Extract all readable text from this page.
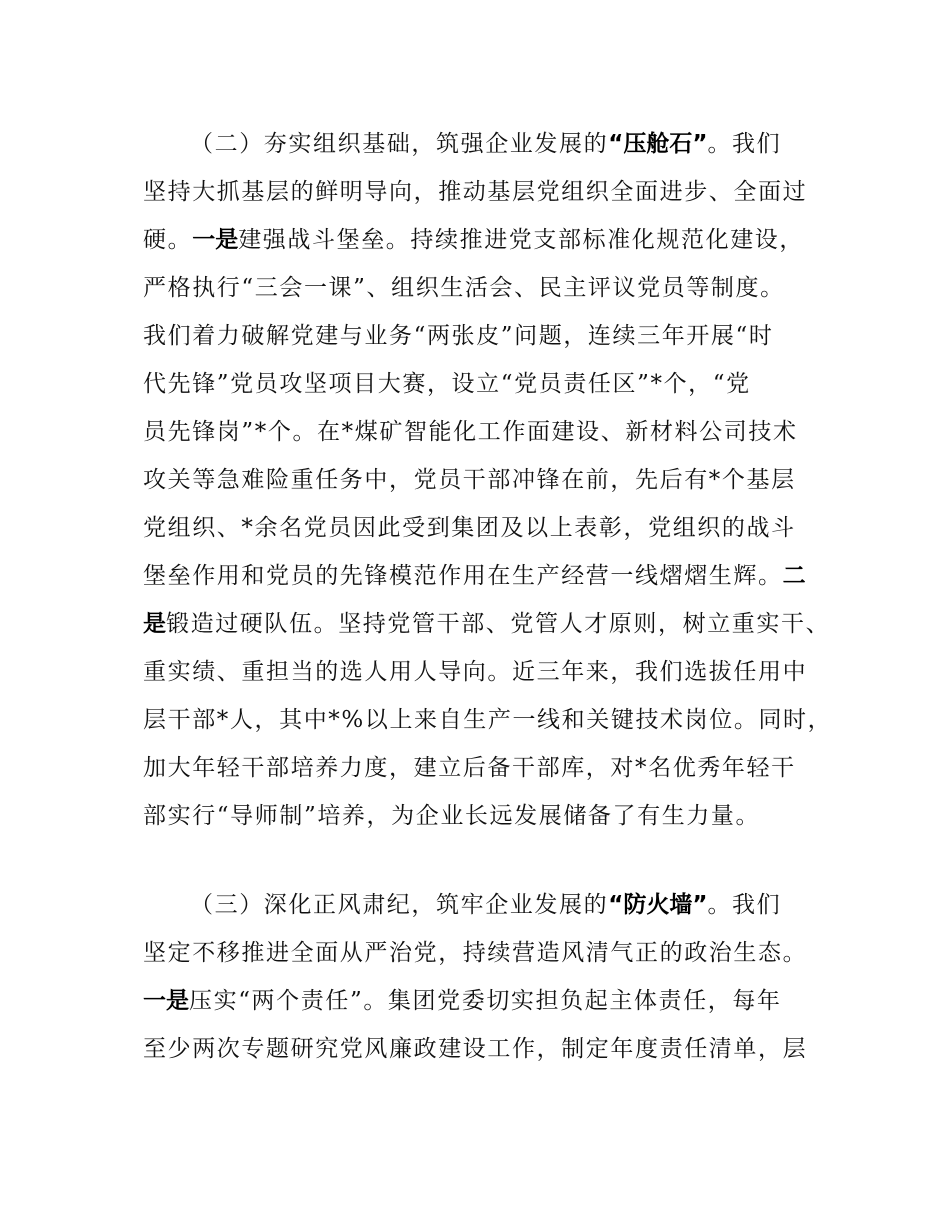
（二）夯实组织基础，筑强企业发展的“压舱石”。我们
坚持大抓基层的鲜明导向，推动基层党组织全面进步、全面过
硬。一是建强战斗堡垒。持续推进党支部标准化规范化建设，
严格执行“三会一课”、组织生活会、民主评议党员等制度。
我们着力破解党建与业务“两张皮”问题，连续三年开展“时
代先锋”党员攻坚项目大赛，设立“党员责任区”*个，“党
员先锋岗”*个。在*煤矿智能化工作面建设、新材料公司技术
攻关等急难险重任务中，党员干部冲锋在前，先后有*个基层
党组织、*余名党员因此受到集团及以上表彰，党组织的战斗
堡垒作用和党员的先锋模范作用在生产经营一线熠熠生辉。二
是锻造过硬队伍。坚持党管干部、党管人才原则，树立重实干、
重实绩、重担当的选人用人导向。近三年来，我们选拔任用中
层干部*人，其中*%以上来自生产一线和关键技术岗位。同时，
加大年轻干部培养力度，建立后备干部库，对*名优秀年轻干
部实行“导师制”培养，为企业长远发展储备了有生力量。
（三）深化正风肃纪，筑牢企业发展的“防火墙”。我们
坚定不移推进全面从严治党，持续营造风清气正的政治生态。
一是压实“两个责任”。集团党委切实担负起主体责任，每年
至少两次专题研究党风廉政建设工作，制定年度责任清单，层
